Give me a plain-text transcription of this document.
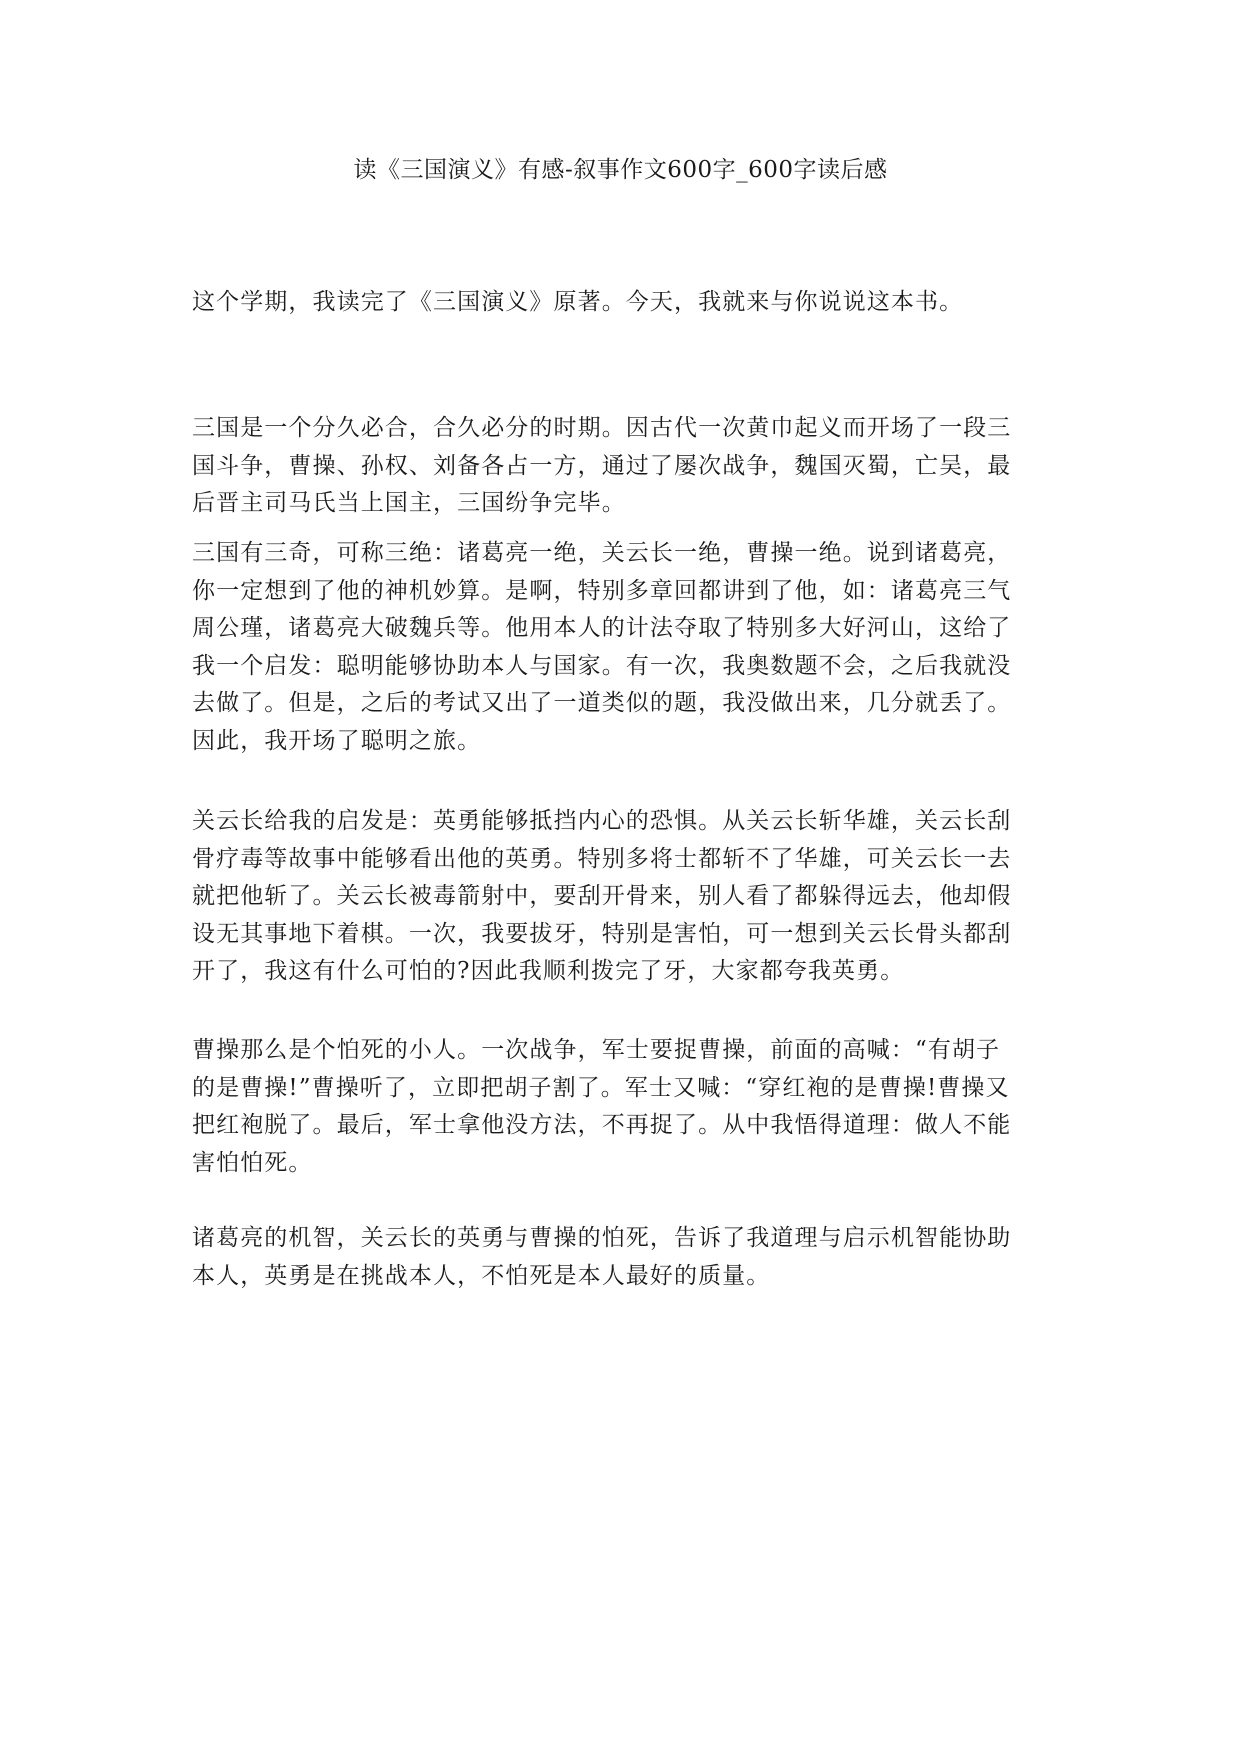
读《三国演义》有感-叙事作文600字_600字读后感
这个学期，我读完了《三国演义》原著。今天，我就来与你说说这本书。
三国是一个分久必合，合久必分的时期。因古代一次黄巾起义而开场了一段三
国斗争，曹操、孙权、刘备各占一方，通过了屡次战争，魏国灭蜀，亡吴，最
后晋主司马氏当上国主，三国纷争完毕。
三国有三奇，可称三绝：诸葛亮一绝，关云长一绝，曹操一绝。说到诸葛亮，
你一定想到了他的神机妙算。是啊，特别多章回都讲到了他，如：诸葛亮三气
周公瑾，诸葛亮大破魏兵等。他用本人的计法夺取了特别多大好河山，这给了
我一个启发：聪明能够协助本人与国家。有一次，我奥数题不会，之后我就没
去做了。但是，之后的考试又出了一道类似的题，我没做出来，几分就丢了。
因此，我开场了聪明之旅。
关云长给我的启发是：英勇能够抵挡内心的恐惧。从关云长斩华雄，关云长刮
骨疗毒等故事中能够看出他的英勇。特别多将士都斩不了华雄，可关云长一去
就把他斩了。关云长被毒箭射中，要刮开骨来，别人看了都躲得远去，他却假
设无其事地下着棋。一次，我要拔牙，特别是害怕，可一想到关云长骨头都刮
开了，我这有什么可怕的?因此我顺利拨完了牙，大家都夸我英勇。
曹操那么是个怕死的小人。一次战争，军士要捉曹操，前面的高喊：“有胡子
的是曹操!”曹操听了，立即把胡子割了。军士又喊：“穿红袍的是曹操!曹操又
把红袍脱了。最后，军士拿他没方法，不再捉了。从中我悟得道理：做人不能
害怕怕死。
诸葛亮的机智，关云长的英勇与曹操的怕死，告诉了我道理与启示机智能协助
本人，英勇是在挑战本人，不怕死是本人最好的质量。
